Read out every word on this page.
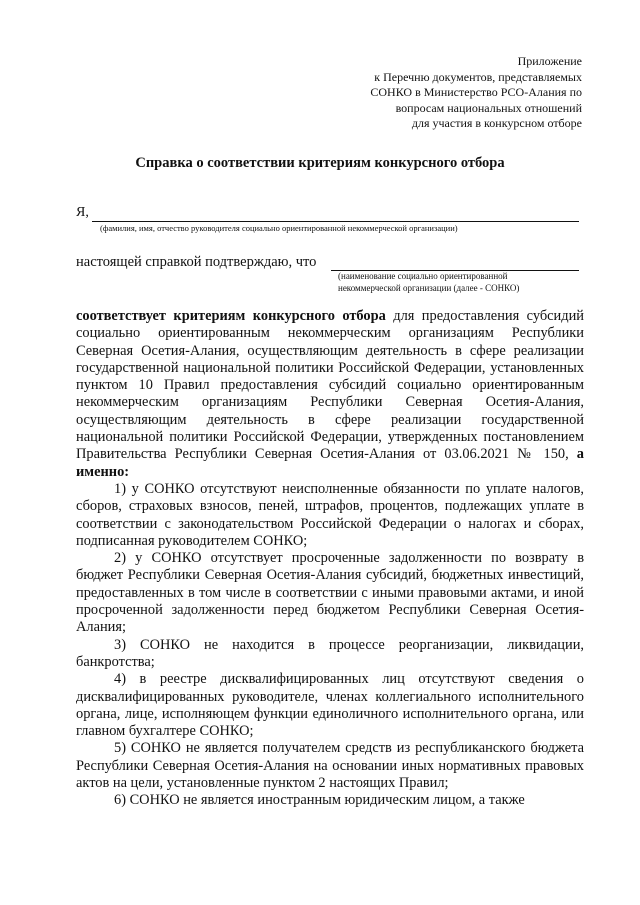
Приложение
к Перечню документов, представляемых
СОНКО в Министерство РСО-Алания по
вопросам национальных отношений
для участия в конкурсном отборе
Справка о соответствии критериям конкурсного отбора
Я,
(фамилия, имя, отчество руководителя социально ориентированной некоммерческой организации)
настоящей справкой подтверждаю, что
(наименование социально ориентированной
некоммерческой организации (далее - СОНКО)

соответствует критериям конкурсного отбора для предоставления субсидий социально ориентированным некоммерческим организациям Республики Северная Осетия-Алания, осуществляющим деятельность в сфере реализации государственной национальной политики Российской Федерации, установленных пунктом 10 Правил предоставления субсидий социально ориентированным некоммерческим организациям Республики Северная Осетия-Алания, осуществляющим деятельность в сфере реализации государственной национальной политики Российской Федерации, утвержденных постановлением Правительства Республики Северная Осетия-Алания от 03.06.2021 № 150, а именно:

1) у СОНКО отсутствуют неисполненные обязанности по уплате налогов, сборов, страховых взносов, пеней, штрафов, процентов, подлежащих уплате в соответствии с законодательством Российской Федерации о налогах и сборах, подписанная руководителем СОНКО;

2) у СОНКО отсутствует просроченные задолженности по возврату в бюджет Республики Северная Осетия-Алания субсидий, бюджетных инвестиций, предоставленных в том числе в соответствии с иными правовыми актами, и иной просроченной задолженности перед бюджетом Республики Северная Осетия-Алания;

3) СОНКО не находится в процессе реорганизации, ликвидации, банкротства;

4) в реестре дисквалифицированных лиц отсутствуют сведения о дисквалифицированных руководителе, членах коллегиального исполнительного органа, лице, исполняющем функции единоличного исполнительного органа, или главном бухгалтере СОНКО;

5) СОНКО не является получателем средств из республиканского бюджета Республики Северная Осетия-Алания на основании иных нормативных правовых актов на цели, установленные пунктом 2 настоящих Правил;

6) СОНКО не является иностранным юридическим лицом, а также
